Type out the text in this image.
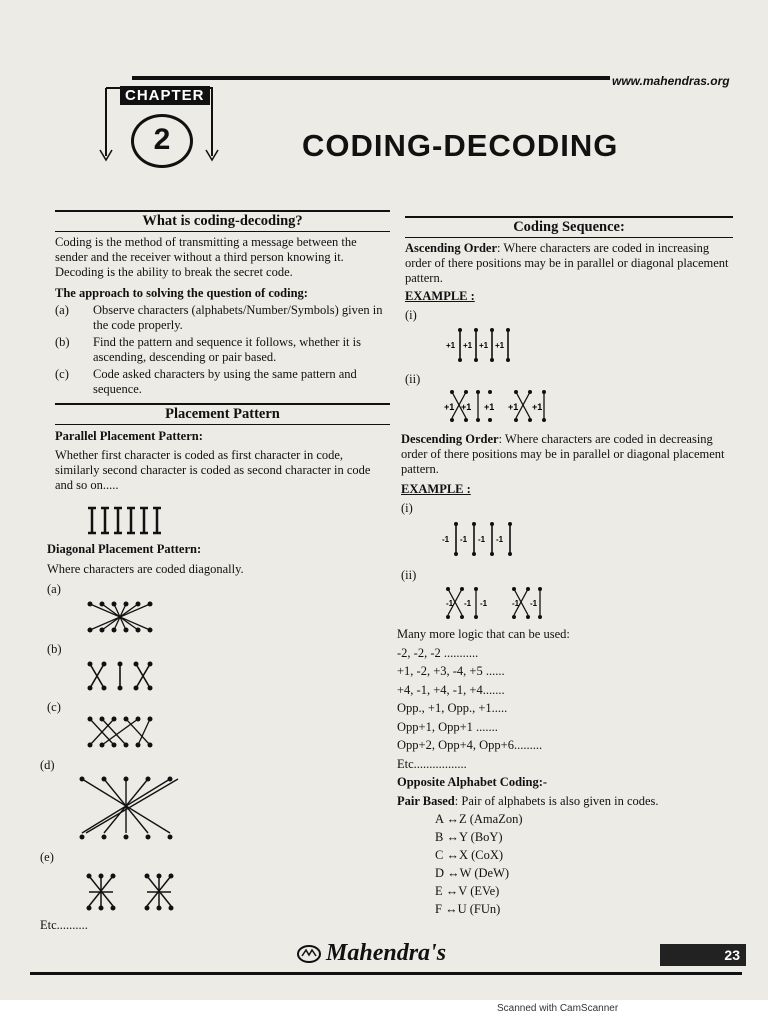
www.mahendras.org
CHAPTER
2	CODING-DECODING
What is coding-decoding?

Coding is the method of transmitting a message between the sender and the receiver without a third person knowing it. Decoding is the ability to break the secret code.

The approach to solving the question of coding:
(a)	Observe characters (alphabets/Number/Symbols) given in the code properly.
(b)	Find the pattern and sequence it follows, whether it is ascending, descending or pair based.
(c)	Code asked characters by using the same pattern and sequence.
Placement Pattern
Parallel Placement Pattern:

Whether first character is coded as first character in code, similarly second character is coded as second character in code and so on.....

Diagonal Placement Pattern:
Where characters are coded diagonally.
(a)
(b)
(c)
(d)
(e)
Etc..........
Coding Sequence:

Ascending Order: Where characters are coded in increasing order of there positions may be in parallel or diagonal placement pattern.

EXAMPLE :
(i)
+1 +1 +1 +1
(ii)
+1 +1 +1 +1 +1

Descending Order: Where characters are coded in decreasing order of there positions may be in parallel or diagonal placement pattern.

EXAMPLE :
(i)
-1 -1 -1 -1
(ii)
-1 -1 -1	-1 -1

Many more logic that can be used:

-2, -2, -2 ...........

+1, -2, +3, -4, +5 ......

+4, -1, +4, -1, +4.......

Opp., +1, Opp., +1.....

Opp+1, Opp+1 .......

Opp+2, Opp+4, Opp+6.........

Etc.................

Opposite Alphabet Coding:-

Pair Based: Pair of alphabets is also given in codes.

A ↔Z (AmaZon)
B ↔Y (BoY)
C ↔X (CoX)
D ↔W (DeW)
E ↔V (EVe)
F ↔U (FUn)
Mahendra's	23
Scanned with CamScanner
